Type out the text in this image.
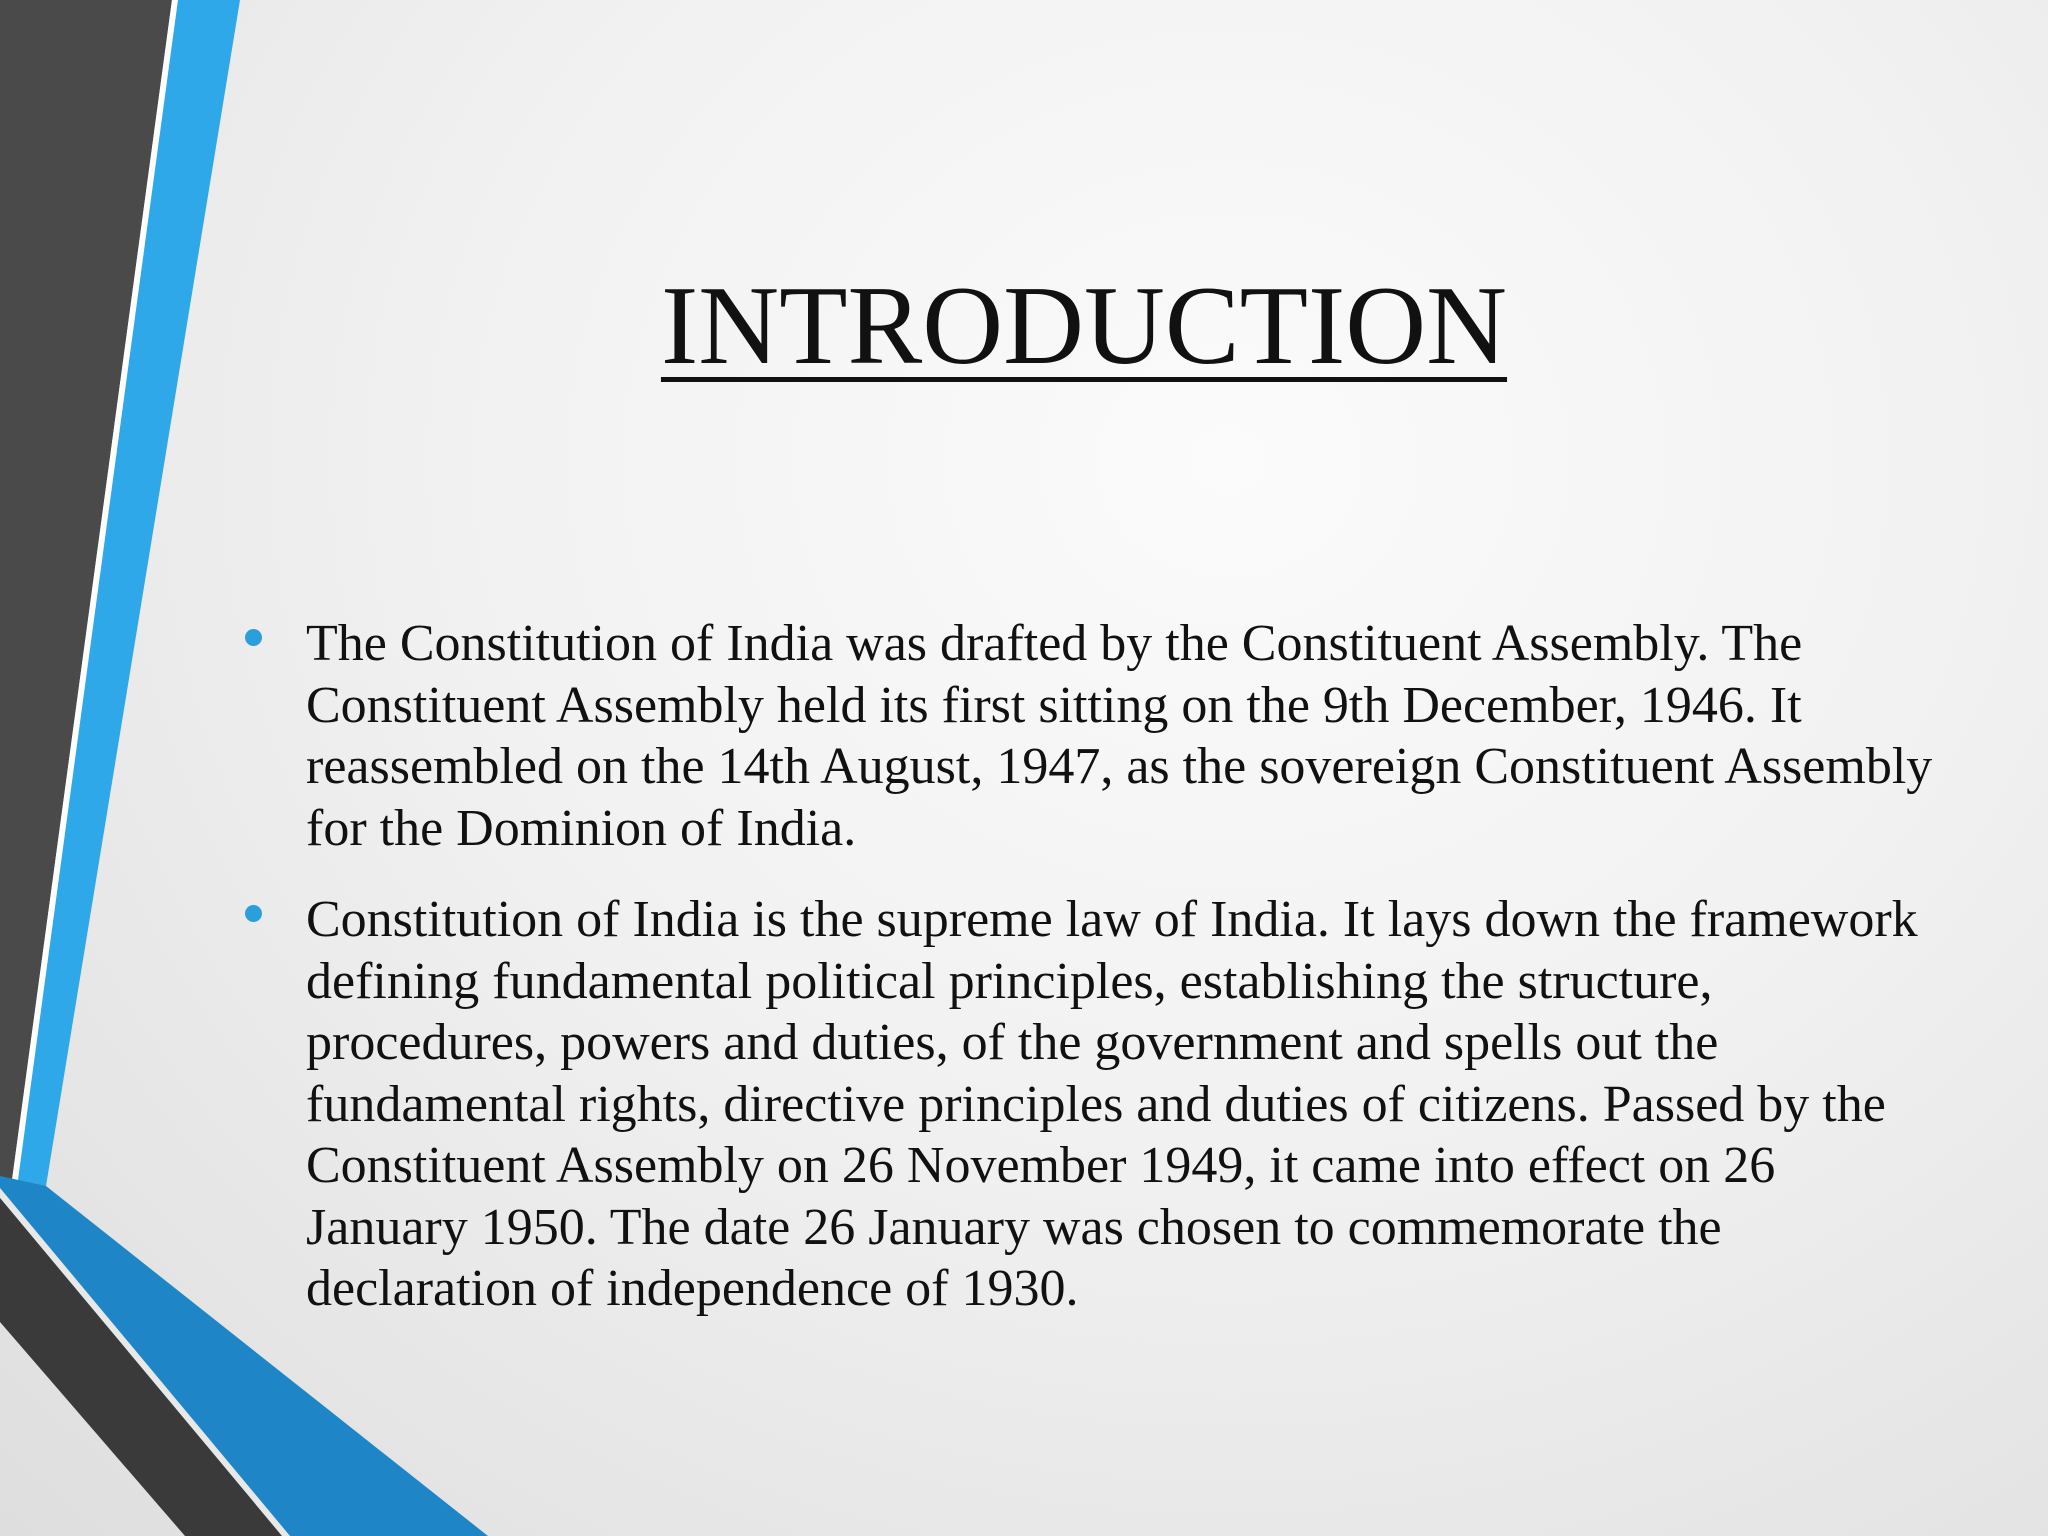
INTRODUCTION
The Constitution of India was drafted by the Constituent Assembly. The Constituent Assembly held its first sitting on the 9th December, 1946. It reassembled on the 14th August, 1947, as the sovereign Constituent Assembly for the Dominion of India.
Constitution of India is the supreme law of India. It lays down the framework defining fundamental political principles, establishing the structure, procedures, powers and duties, of the government and spells out the fundamental rights, directive principles and duties of citizens. Passed by the Constituent Assembly on 26 November 1949, it came into effect on 26 January 1950. The date 26 January was chosen to commemorate the declaration of independence of 1930.
